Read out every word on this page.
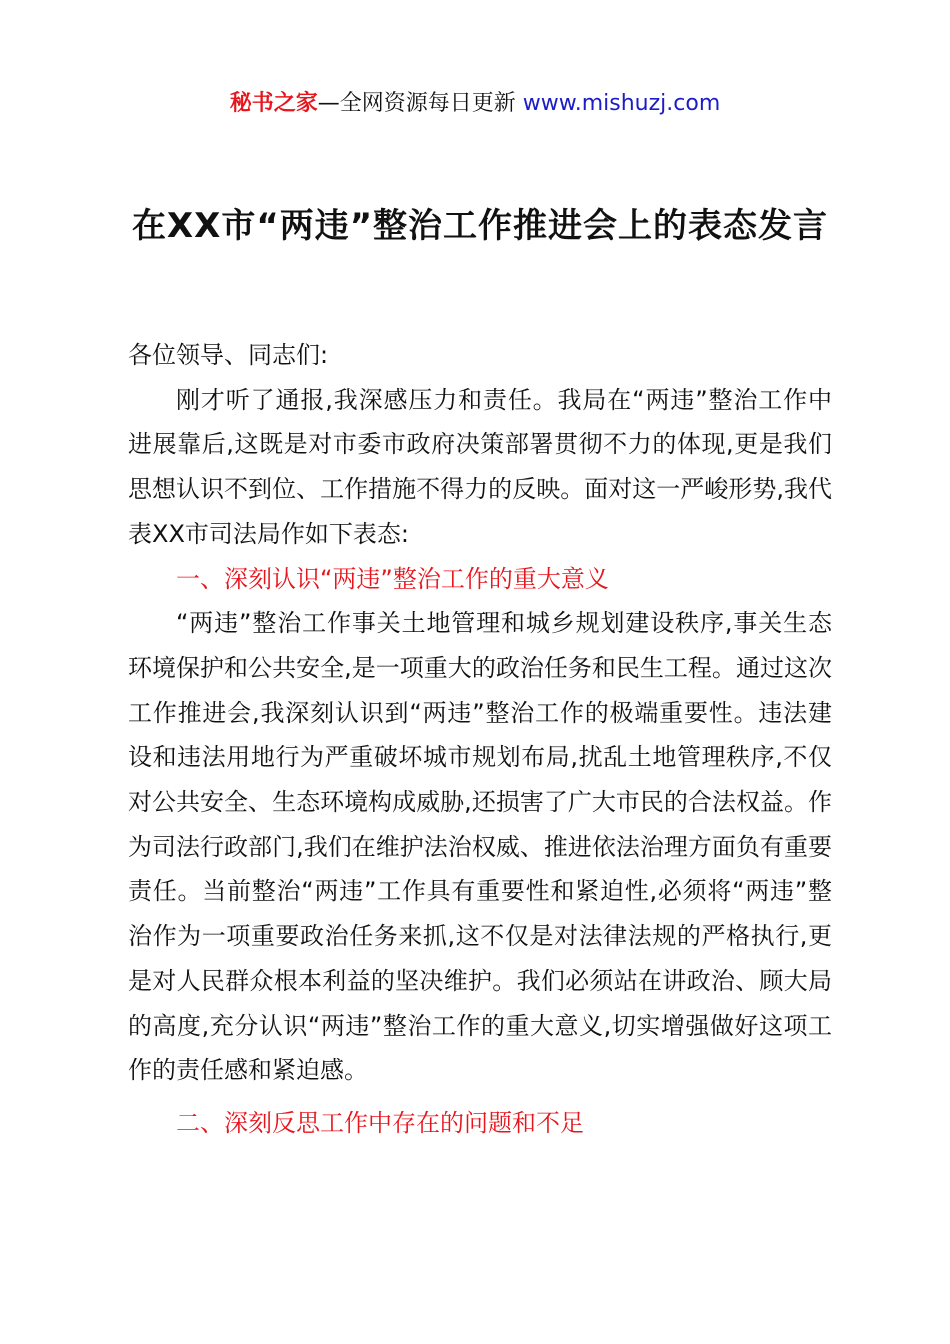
秘书之家—全网资源每日更新 www.mishuzj.com
在XX市“两违”整治工作推进会上的表态发言

各位领导、同志们:

刚才听了通报,我深感压力和责任。我局在“两违”整治工作中进展靠后,这既是对市委市政府决策部署贯彻不力的体现,更是我们思想认识不到位、工作措施不得力的反映。面对这一严峻形势,我代表XX市司法局作如下表态:

一、深刻认识“两违”整治工作的重大意义

“两违”整治工作事关土地管理和城乡规划建设秩序,事关生态环境保护和公共安全,是一项重大的政治任务和民生工程。通过这次工作推进会,我深刻认识到“两违”整治工作的极端重要性。违法建设和违法用地行为严重破坏城市规划布局,扰乱土地管理秩序,不仅对公共安全、生态环境构成威胁,还损害了广大市民的合法权益。作为司法行政部门,我们在维护法治权威、推进依法治理方面负有重要责任。当前整治“两违”工作具有重要性和紧迫性,必须将“两违”整治作为一项重要政治任务来抓,这不仅是对法律法规的严格执行,更是对人民群众根本利益的坚决维护。我们必须站在讲政治、顾大局的高度,充分认识“两违”整治工作的重大意义,切实增强做好这项工作的责任感和紧迫感。

二、深刻反思工作中存在的问题和不足
